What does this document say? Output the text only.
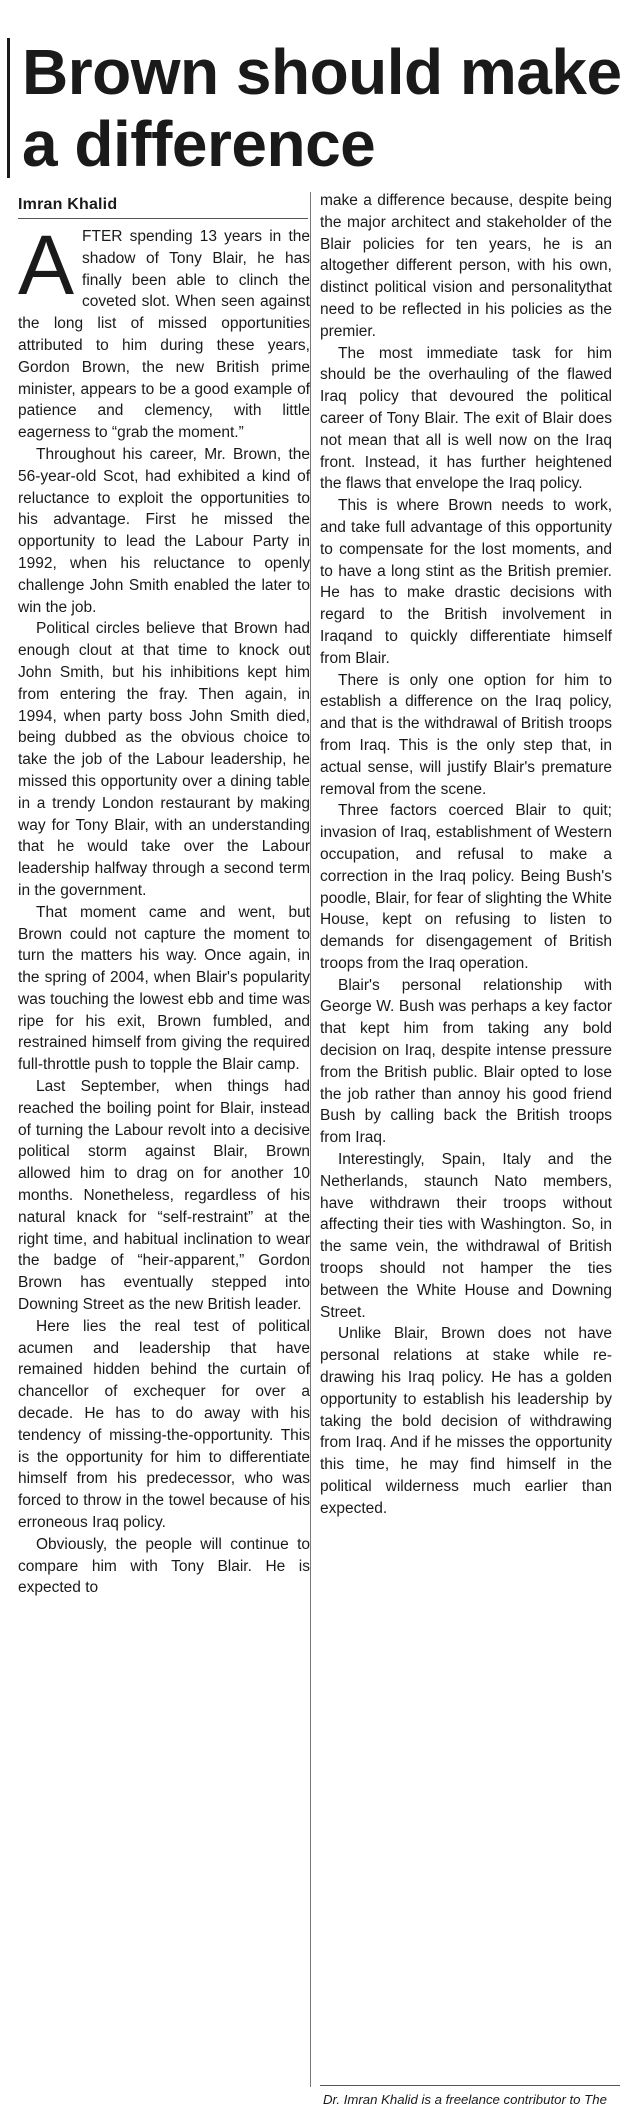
Brown should make
a difference
Imran Khalid

AFTER spending 13 years in the shadow of Tony Blair, he has finally been able to clinch the coveted slot. When seen against the long list of missed opportunities attributed to him during these years, Gordon Brown, the new British prime minister, appears to be a good example of patience and clemency, with little eagerness to “grab the moment.”

Throughout his career, Mr. Brown, the 56-year-old Scot, had exhibited a kind of reluctance to exploit the opportunities to his advantage. First he missed the opportunity to lead the Labour Party in 1992, when his reluctance to openly challenge John Smith enabled the later to win the job.

Political circles believe that Brown had enough clout at that time to knock out John Smith, but his inhibitions kept him from entering the fray. Then again, in 1994, when party boss John Smith died, being dubbed as the obvious choice to take the job of the Labour leadership, he missed this opportunity over a dining table in a trendy London restaurant by making way for Tony Blair, with an understanding that he would take over the Labour leadership halfway through a second term in the government.

That moment came and went, but Brown could not capture the moment to turn the matters his way. Once again, in the spring of 2004, when Blair's popularity was touching the lowest ebb and time was ripe for his exit, Brown fumbled, and restrained himself from giving the required full-throttle push to topple the Blair camp.

Last September, when things had reached the boiling point for Blair, instead of turning the Labour revolt into a decisive political storm against Blair, Brown allowed him to drag on for another 10 months. Nonetheless, regardless of his natural knack for “self-restraint” at the right time, and habitual inclination to wear the badge of “heir-apparent,” Gordon Brown has eventually stepped into Downing Street as the new British leader.

Here lies the real test of political acumen and leadership that have remained hidden behind the curtain of chancellor of exchequer for over a decade. He has to do away with his tendency of missing-the-opportunity. This is the opportunity for him to differentiate himself from his predecessor, who was forced to throw in the towel because of his erroneous Iraq policy.

Obviously, the people will continue to compare him with Tony Blair. He is expected to

make a difference because, despite being the major architect and stakeholder of the Blair policies for ten years, he is an altogether different person, with his own, distinct political vision and personalitythat need to be reflected in his policies as the premier.

The most immediate task for him should be the overhauling of the flawed Iraq policy that devoured the political career of Tony Blair. The exit of Blair does not mean that all is well now on the Iraq front. Instead, it has further heightened the flaws that envelope the Iraq policy.

This is where Brown needs to work, and take full advantage of this opportunity to compensate for the lost moments, and to have a long stint as the British premier. He has to make drastic decisions with regard to the British involvement in Iraqand to quickly differentiate himself from Blair.

There is only one option for him to establish a difference on the Iraq policy, and that is the withdrawal of British troops from Iraq. This is the only step that, in actual sense, will justify Blair's premature removal from the scene.

Three factors coerced Blair to quit; invasion of Iraq, establishment of Western occupation, and refusal to make a correction in the Iraq policy. Being Bush's poodle, Blair, for fear of slighting the White House, kept on refusing to listen to demands for disengagement of British troops from the Iraq operation.

Blair's personal relationship with George W. Bush was perhaps a key factor that kept him from taking any bold decision on Iraq, despite intense pressure from the British public. Blair opted to lose the job rather than annoy his good friend Bush by calling back the British troops from Iraq.

Interestingly, Spain, Italy and the Netherlands, staunch Nato members, have withdrawn their troops without affecting their ties with Washington. So, in the same vein, the withdrawal of British troops should not hamper the ties between the White House and Downing Street.

Unlike Blair, Brown does not have personal relations at stake while re-drawing his Iraq policy. He has a golden opportunity to establish his leadership by taking the bold decision of withdrawing from Iraq. And if he misses the opportunity this time, he may find himself in the political wilderness much earlier than expected.

Dr. Imran Khalid is a freelance contributor to The
